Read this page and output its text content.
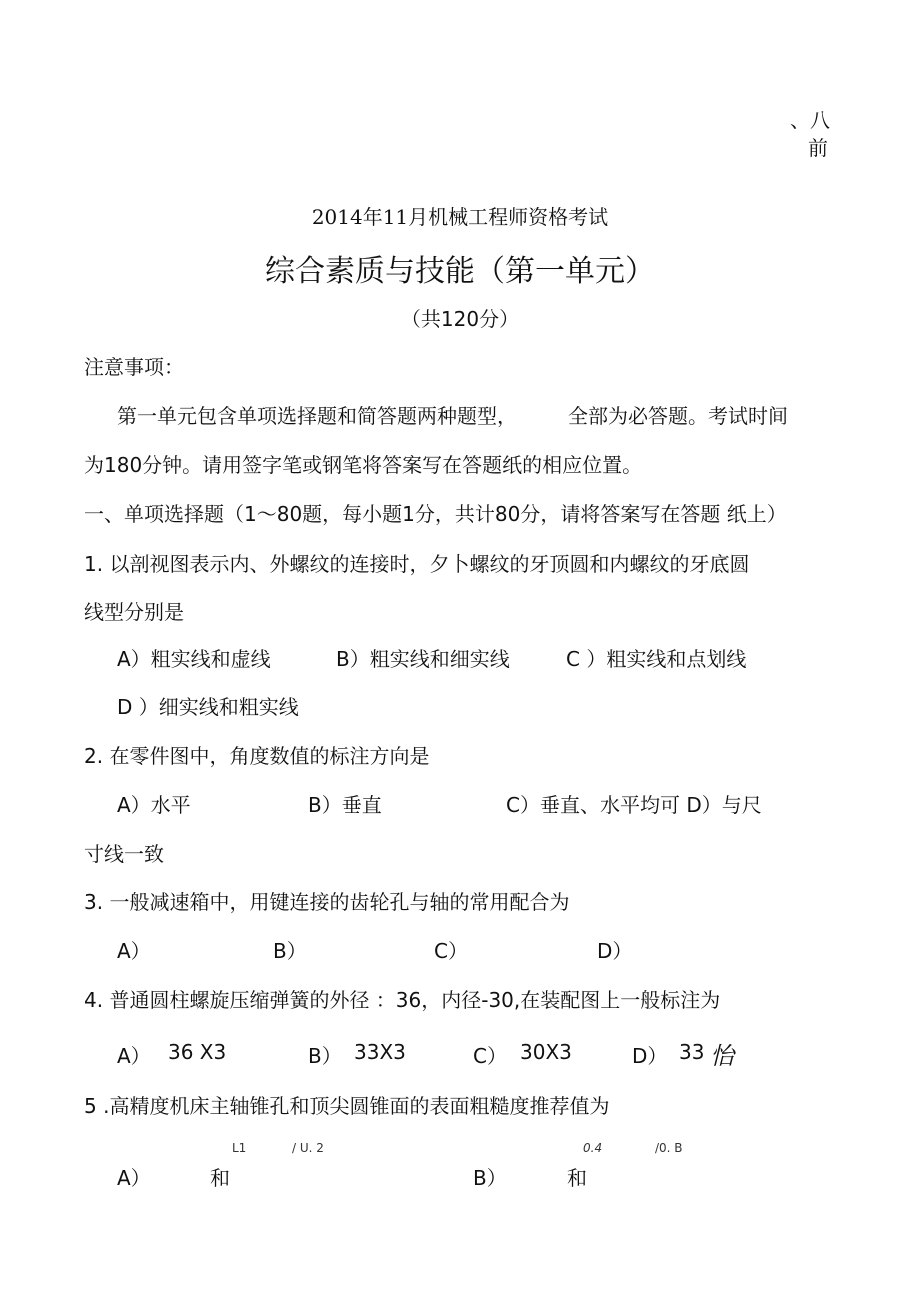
、八
前
2014年11月机械工程师资格考试
综合素质与技能（第一单元）
（共120分）
注意事项：
第一单元包含单项选择题和简答题两种题型，	全部为必答题。考试时间
为180分钟。请用签字笔或钢笔将答案写在答题纸的相应位置。
一、单项选择题（1～80题，每小题1分，共计80分，请将答案写在答题 纸上）
1. 以剖视图表示内、外螺纹的连接时，夕卜螺纹的牙顶圆和内螺纹的牙底圆
线型分别是
A）粗实线和虚线	B）粗实线和细实线	C ）粗实线和点划线
D ）细实线和粗实线
2. 在零件图中，角度数值的标注方向是
A）水平	B）垂直	C）垂直、水平均可 D）与尺
寸线一致
3. 一般减速箱中，用键连接的齿轮孔与轴的常用配合为
A）	B）	C）	D）
4. 普通圆柱螺旋压缩弹簧的外径 ：36，内径-30,在装配图上一般标注为
A） 36 X3	B） 33X3	C） 30X3	D） 33 怡
5 .高精度机床主轴锥孔和顶尖圆锥面的表面粗糙度推荐值为
L1	/ U. 2
A）	和
0.4	/0. B
B）	和
